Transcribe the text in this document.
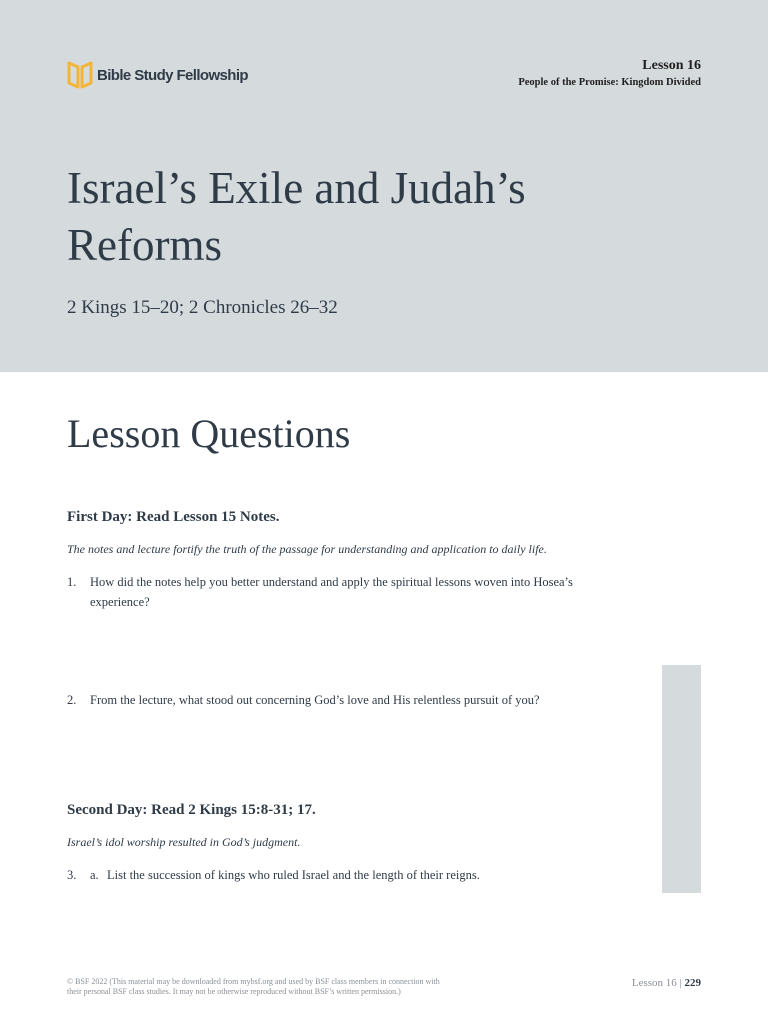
Bible Study Fellowship
Lesson 16
People of the Promise: Kingdom Divided
Israel’s Exile and Judah’s Reforms
2 Kings 15–20; 2 Chronicles 26–32
Lesson Questions
First Day: Read Lesson 15 Notes.
The notes and lecture fortify the truth of the passage for understanding and application to daily life.
1. How did the notes help you better understand and apply the spiritual lessons woven into Hosea’s experience?
2. From the lecture, what stood out concerning God’s love and His relentless pursuit of you?
Second Day: Read 2 Kings 15:8-31; 17.
Israel’s idol worship resulted in God’s judgment.
3. a. List the succession of kings who ruled Israel and the length of their reigns.
© BSF 2022 (This material may be downloaded from mybsf.org and used by BSF class members in connection with their personal BSF class studies. It may not be otherwise reproduced without BSF’s written permission.)
Lesson 16 | 229
